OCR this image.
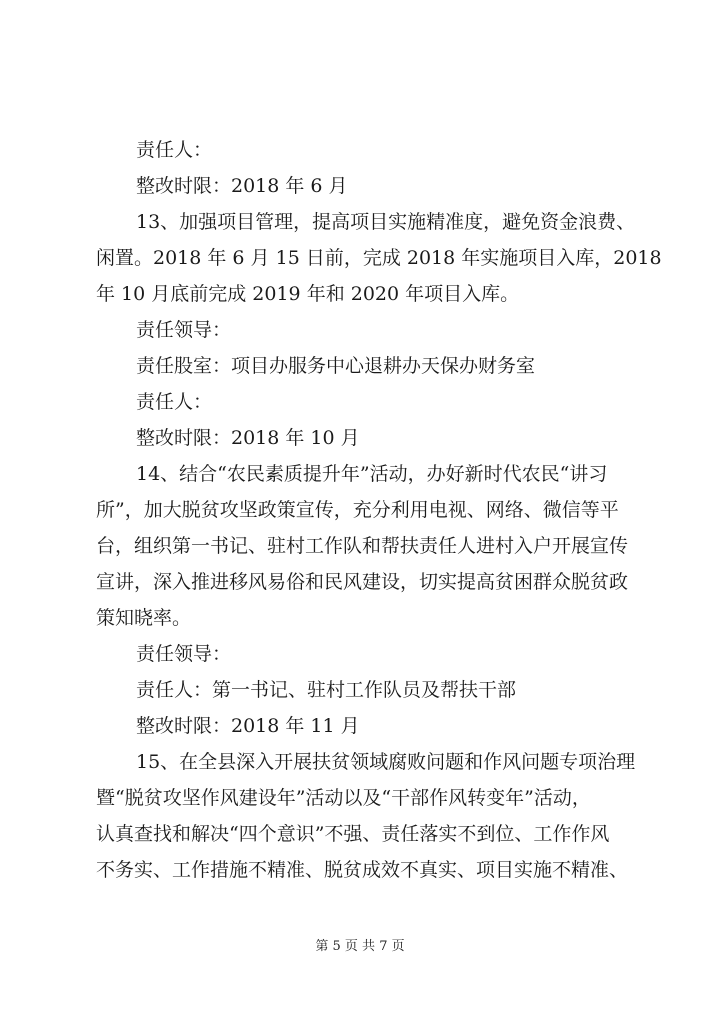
责任人：
整改时限：2018 年 6 月
13、加强项目管理，提高项目实施精准度，避免资金浪费、
闲置。2018 年 6 月 15 日前，完成 2018 年实施项目入库，2018
年 10 月底前完成 2019 年和 2020 年项目入库。
责任领导：
责任股室：项目办服务中心退耕办天保办财务室
责任人：
整改时限：2018 年 10 月
14、结合“农民素质提升年”活动，办好新时代农民“讲习
所”，加大脱贫攻坚政策宣传，充分利用电视、网络、微信等平
台，组织第一书记、驻村工作队和帮扶责任人进村入户开展宣传
宣讲，深入推进移风易俗和民风建设，切实提高贫困群众脱贫政
策知晓率。
责任领导：
责任人：第一书记、驻村工作队员及帮扶干部
整改时限：2018 年 11 月
15、在全县深入开展扶贫领域腐败问题和作风问题专项治理
暨“脱贫攻坚作风建设年”活动以及“干部作风转变年”活动，
认真查找和解决“四个意识”不强、责任落实不到位、工作作风
不务实、工作措施不精准、脱贫成效不真实、项目实施不精准、
第 5 页 共 7 页
